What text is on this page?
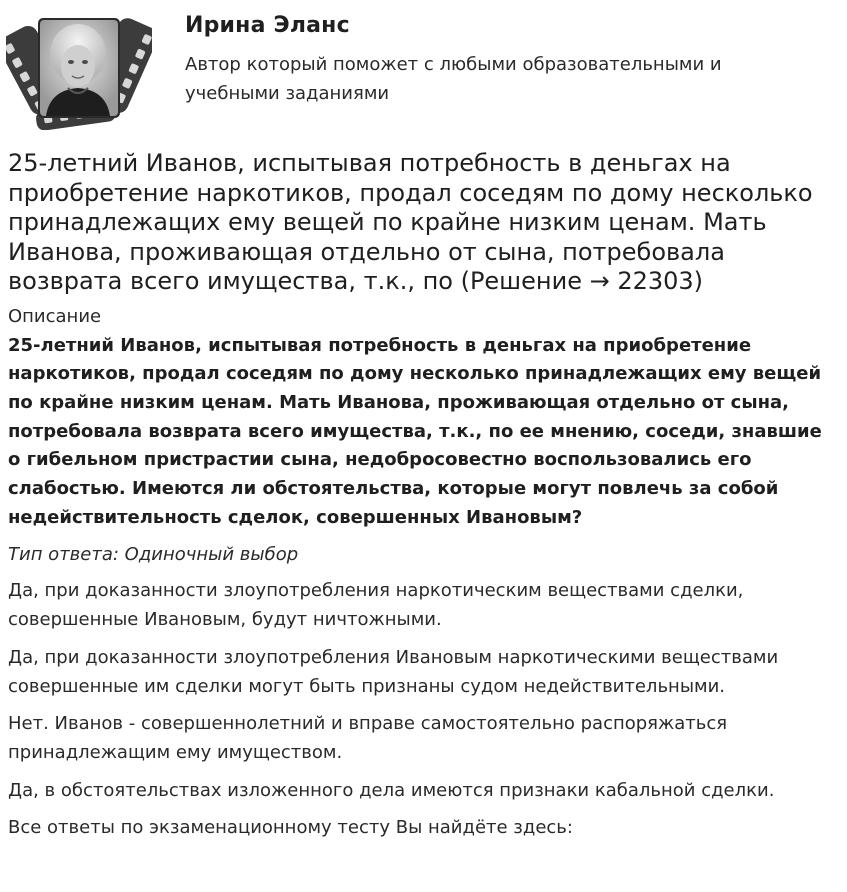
Ирина Эланс
Автор который поможет с любыми образовательными и учебными заданиями
25-летний Иванов, испытывая потребность в деньгах на приобретение наркотиков, продал соседям по дому несколько принадлежащих ему вещей по крайне низким ценам. Мать Иванова, проживающая отдельно от сына, потребовала возврата всего имущества, т.к., по (Решение → 22303)
Описание
25-летний Иванов, испытывая потребность в деньгах на приобретение наркотиков, продал соседям по дому несколько принадлежащих ему вещей по крайне низким ценам. Мать Иванова, проживающая отдельно от сына, потребовала возврата всего имущества, т.к., по ее мнению, соседи, знавшие о гибельном пристрастии сына, недобросовестно воспользовались его слабостью. Имеются ли обстоятельства, которые могут повлечь за собой недействительность сделок, совершенных Ивановым?
Тип ответа: Одиночный выбор
Да, при доказанности злоупотребления наркотическим веществами сделки, совершенные Ивановым, будут ничтожными.
Да, при доказанности злоупотребления Ивановым наркотическими веществами совершенные им сделки могут быть признаны судом недействительными.
Нет. Иванов - совершеннолетний и вправе самостоятельно распоряжаться принадлежащим ему имуществом.
Да, в обстоятельствах изложенного дела имеются признаки кабальной сделки.
Все ответы по экзаменационному тесту Вы найдёте здесь:
